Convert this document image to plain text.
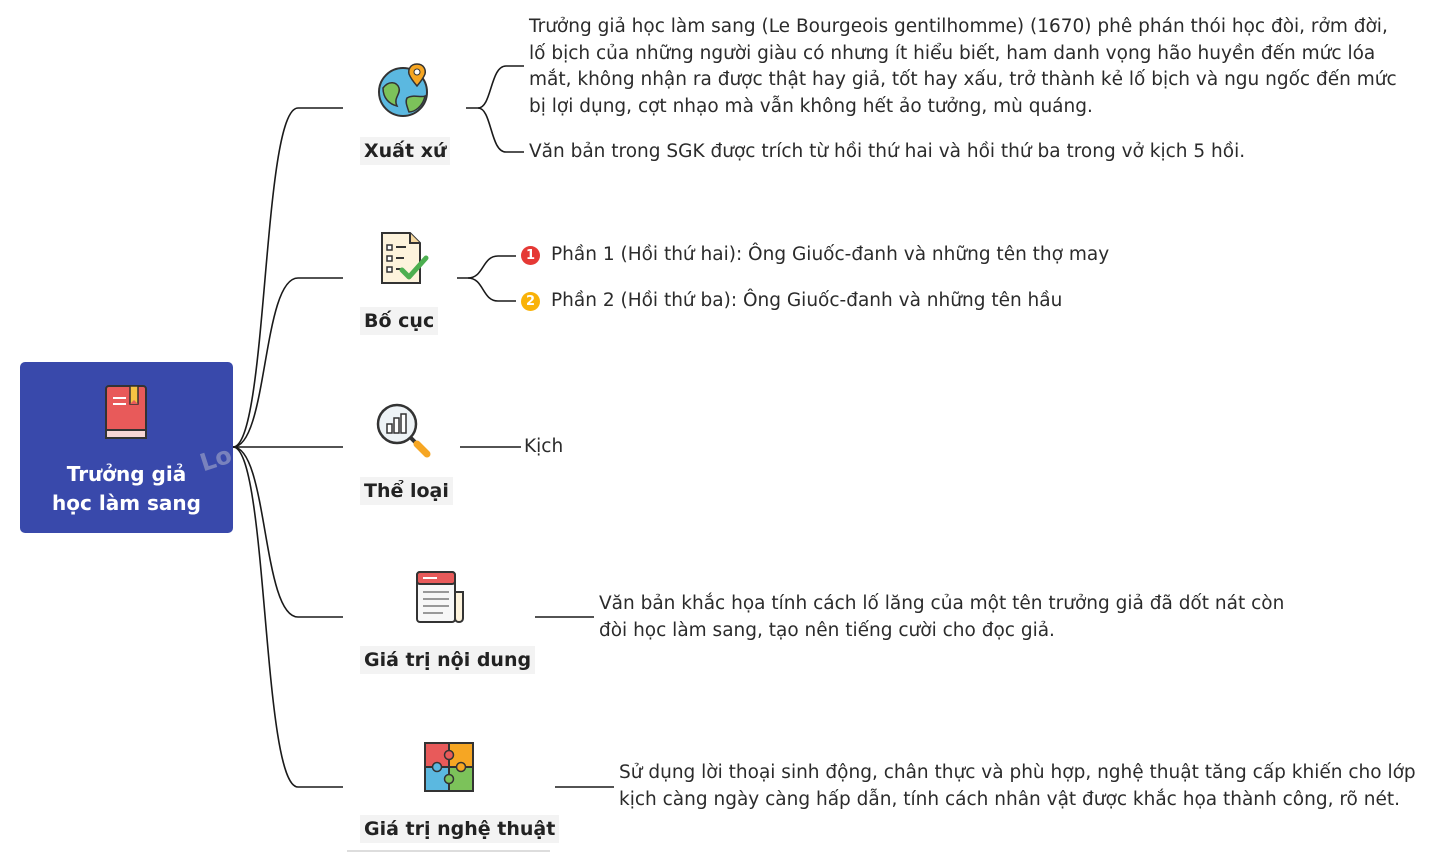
Trưởng giả
học làm sang
Lo
Xuất xứ
Trưởng giả học làm sang (Le Bourgeois gentilhomme) (1670) phê phán thói học đòi, rởm đời, lố bịch của những người giàu có nhưng ít hiểu biết, ham danh vọng hão huyền đến mức lóa mắt, không nhận ra được thật hay giả, tốt hay xấu, trở thành kẻ lố bịch và ngu ngốc đến mức bị lợi dụng, cợt nhạo mà vẫn không hết ảo tưởng, mù quáng.
Văn bản trong SGK được trích từ hồi thứ hai và hồi thứ ba trong vở kịch 5 hồi.
Bố cục
1 Phần 1 (Hồi thứ hai): Ông Giuốc-đanh và những tên thợ may
2 Phần 2 (Hồi thứ ba): Ông Giuốc-đanh và những tên hầu
Thể loại
Kịch
Giá trị nội dung
Văn bản khắc họa tính cách lố lăng của một tên trưởng giả đã dốt nát còn đòi học làm sang, tạo nên tiếng cười cho đọc giả.
Giá trị nghệ thuật
Sử dụng lời thoại sinh động, chân thực và phù hợp, nghệ thuật tăng cấp khiến cho lớp kịch càng ngày càng hấp dẫn, tính cách nhân vật được khắc họa thành công, rõ nét.
